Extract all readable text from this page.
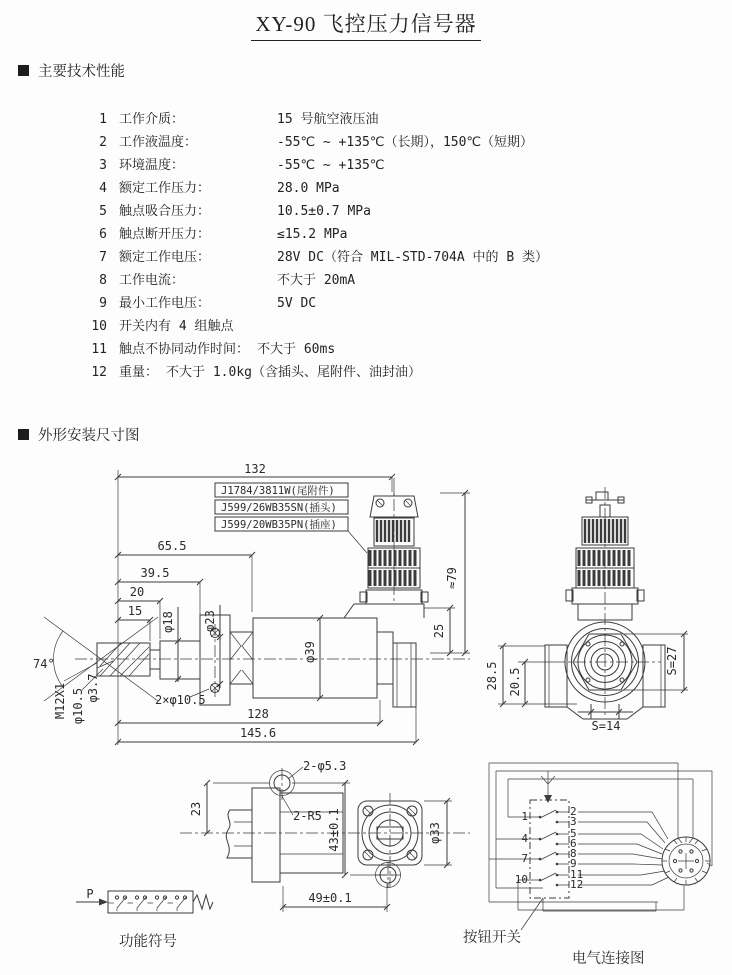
XY-90 飞控压力信号器
主要技术性能
1 工作介质：	15 号航空液压油
2 工作液温度：	-55℃ ~ +135℃（长期），150℃（短期）
3 环境温度：	-55℃ ~ +135℃
4 额定工作压力：	28.0 MPa
5 触点吸合压力：	10.5±0.7 MPa
6 触点断开压力：	≤15.2 MPa
7 额定工作电压：	28V DC（符合 MIL-STD-704A 中的 B 类）
8 工作电流：	不大于 20mA
9 最小工作电压：	5V DC
10 开关内有 4 组触点
11 触点不协同动作时间： 不大于 60ms
12 重量： 不大于 1.0kg（含插头、尾附件、油封油）
外形安装尺寸图
J1784/3811W(尾附件)
J599/26WB35SN(插头)
J599/20WB35PN(插座)
132
65.5
39.5
20
15
128
145.6
φ18 φ23
φ39
25
≈79
74°
M12X1 φ10.5 φ3.7	2×φ10.5
28.5 20.5
S=27
S=14
23
2-φ5.3
2-R5 43±0.1	φ33
49±0.1
P
功能符号
1
4
7
10
2
3
5
6
8
9
11
12
按钮开关
电气连接图
